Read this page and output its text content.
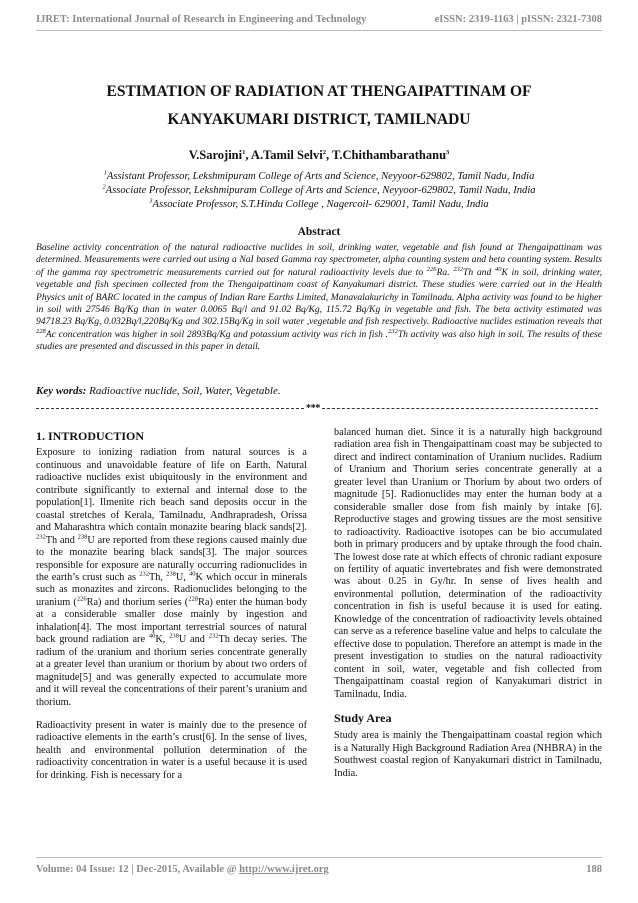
IJRET: International Journal of Research in Engineering and Technology	eISSN: 2319-1163 | pISSN: 2321-7308
ESTIMATION OF RADIATION AT THENGAIPATTINAM OF
KANYAKUMARI DISTRICT, TAMILNADU
V.Sarojini$^1$, A.Tamil Selvi$^2$, T.Chithambarathanu$^3$
$^1$Assistant Professor, Lekshmipuram College of Arts and Science, Neyyoor-629802, Tamil Nadu, India
$^2$Associate Professor, Lekshmipuram College of Arts and Science, Neyyoor-629802, Tamil Nadu, India
$^3$Associate Professor, S.T.Hindu College , Nagercoil- 629001, Tamil Nadu, India
Abstract
Baseline activity concentration of the natural radioactive nuclides in soil, drinking water, vegetable and fish found at Thengaipattinam was determined. Measurements were carried out using a NaI based Gamma ray spectrometer, alpha counting system and beta counting system. Results of the gamma ray spectrometric measurements carried out for natural radioactivity levels due to $^{226}$Ra. $^{232}$Th and $^{40}$K in soil, drinking water, vegetable and fish specimen collected from the Thengaipattinam coast of Kanyakumari district. These studies were carried out in the Health Physics unit of BARC located in the campus of Indian Rare Earths Limited, Manavalakurichy in Tamilnadu. Alpha activity was found to be higher in soil with 27546 Bq/Kg than in water 0.0065 Bq/l and 91.02 Bq/Kg, 115.72 Bq/Kg in vegetable and fish. The beta activity estimated was 94718.23 Bq/Kg, 0.032Bq/l,220Bq/Kg and 302.15Bq/Kg in soil water ,vegetable and fish respectively. Radioactive nuclides estimation reveals that $^{228}$Ac concentration was higher in soil 2893Bq/Kg and potassium activity was rich in fish .$^{232}$Th activity was also high in soil. The results of these studies are presented and discussed in this paper in detail.
Key words: Radioactive nuclide, Soil, Water, Vegetable.
***
1. INTRODUCTION
Exposure to ionizing radiation from natural sources is a continuous and unavoidable feature of life on Earth. Natural radioactive nuclides exist ubiquitously in the environment and contribute significantly to external and internal dose to the population[1]. Ilmenite rich beach sand deposits occur in the coastal stretches of Kerala, Tamilnadu, Andhrapradesh, Orissa and Maharashtra which contain monazite bearing black sands[2]. $^{232}$Th and $^{238}$U are reported from these regions caused mainly due to the monazite bearing black sands[3]. The major sources responsible for exposure are naturally occurring radionuclides in the earth’s crust such as $^{232}$Th, $^{238}$U, $^{40}$K which occur in minerals such as monazites and zircons. Radionuclides belonging to the uranium ($^{226}$Ra) and thorium series ($^{228}$Ra) enter the human body at a considerable smaller dose mainly by ingestion and inhalation[4]. The most important terrestrial sources of natural back ground radiation are $^{40}$K, $^{238}$U and $^{232}$Th decay series. The radium of the uranium and thorium series concentrate generally at a greater level than uranium or thorium by about two orders of magnitude[5] and was generally expected to accumulate more and it will reveal the concentrations of their parent’s uranium and thorium.
Radioactivity present in water is mainly due to the presence of radioactive elements in the earth’s crust[6]. In the sense of lives, health and environmental pollution determination of the radioactivity concentration in water is a useful because it is used for drinking. Fish is necessary for a
balanced human diet. Since it is a naturally high background radiation area fish in Thengaipattinam coast may be subjected to direct and indirect contamination of Uranium nuclides. Radium of Uranium and Thorium series concentrate generally at a greater level than Uranium or Thorium by about two orders of magnitude [5]. Radionuclides may enter the human body at a considerable smaller dose from fish mainly by intake [6]. Reproductive stages and growing tissues are the most sensitive to radioactivity. Radioactive isotopes can be bio accumulated both in primary producers and by uptake through the food chain. The lowest dose rate at which effects of chronic radiant exposure on fertility of aquatic invertebrates and fish were demonstrated was about 0.25 in Gy/hr. In sense of lives health and environmental pollution, determination of the radioactivity concentration in fish is useful because it is used for eating. Knowledge of the concentration of radioactivity levels obtained can serve as a reference baseline value and helps to calculate the effective dose to population. Therefore an attempt is made in the present investigation to studies on the natural radioactivity content in soil, water, vegetable and fish collected from Thengaipattinam coastal region of Kanyakumari district in Tamilnadu, India.
Study Area
Study area is mainly the Thengaipattinam coastal region which is a Naturally High Background Radiation Area (NHBRA) in the Southwest coastal region of Kanyakumari district in Tamilnadu, India.
Volume: 04 Issue: 12 | Dec-2015, Available @ http://www.ijret.org	188
